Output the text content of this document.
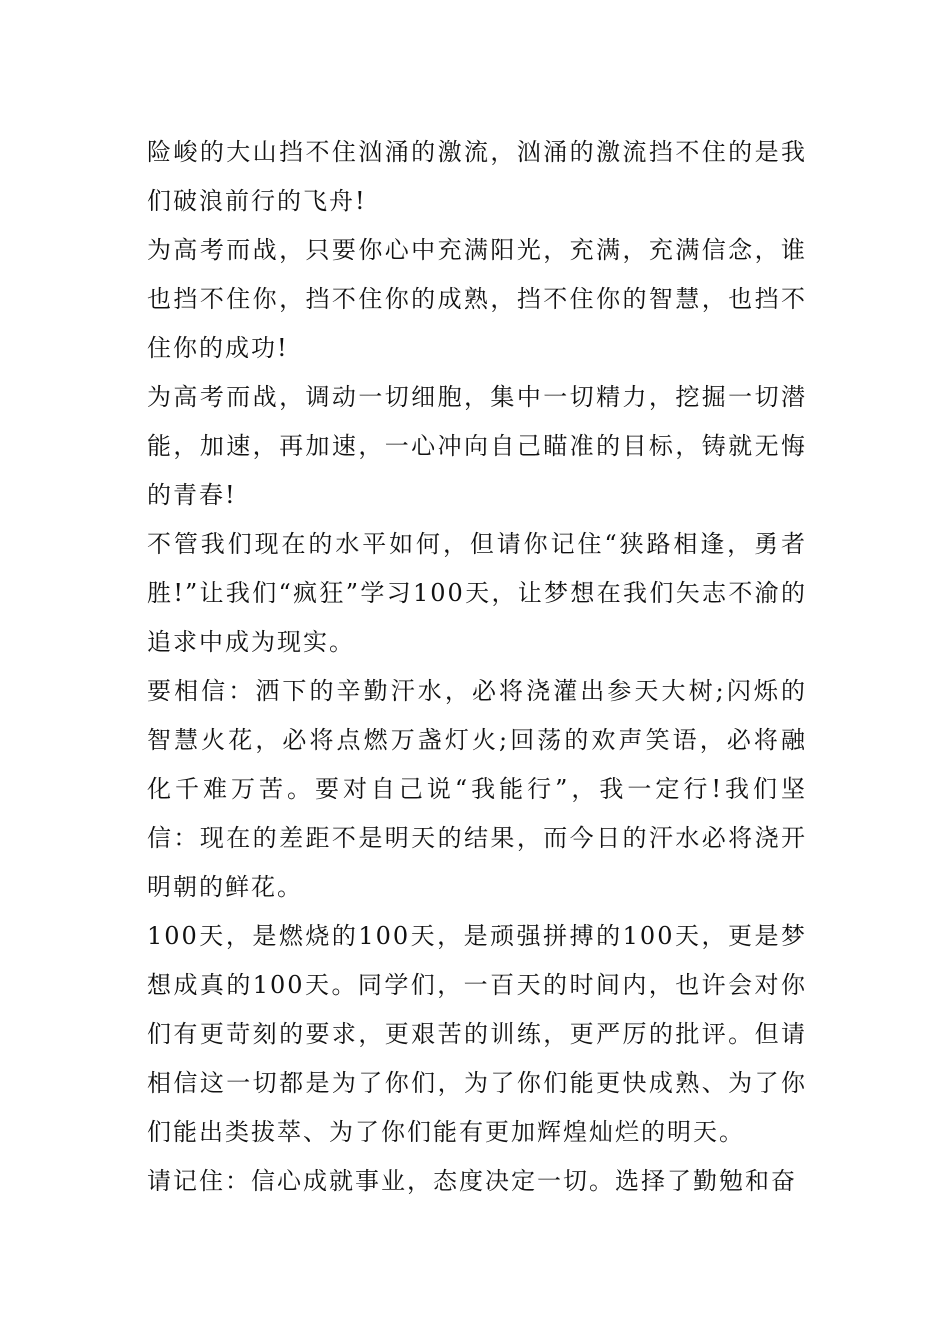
险峻的大山挡不住汹涌的激流，汹涌的激流挡不住的是我们破浪前行的飞舟!

为高考而战，只要你心中充满阳光，充满，充满信念，谁也挡不住你，挡不住你的成熟，挡不住你的智慧，也挡不住你的成功!

为高考而战，调动一切细胞，集中一切精力，挖掘一切潜能，加速，再加速，一心冲向自己瞄准的目标，铸就无悔的青春!

不管我们现在的水平如何，但请你记住“狭路相逢，勇者胜!”让我们“疯狂”学习100天，让梦想在我们矢志不渝的追求中成为现实。

要相信：洒下的辛勤汗水，必将浇灌出参天大树;闪烁的智慧火花，必将点燃万盏灯火;回荡的欢声笑语，必将融化千难万苦。要对自己说“我能行”，我一定行!我们坚信：现在的差距不是明天的结果，而今日的汗水必将浇开明朝的鲜花。

100天，是燃烧的100天，是顽强拼搏的100天，更是梦想成真的100天。同学们，一百天的时间内，也许会对你们有更苛刻的要求，更艰苦的训练，更严厉的批评。但请相信这一切都是为了你们，为了你们能更快成熟、为了你们能出类拔萃、为了你们能有更加辉煌灿烂的明天。

请记住：信心成就事业，态度决定一切。选择了勤勉和奋
